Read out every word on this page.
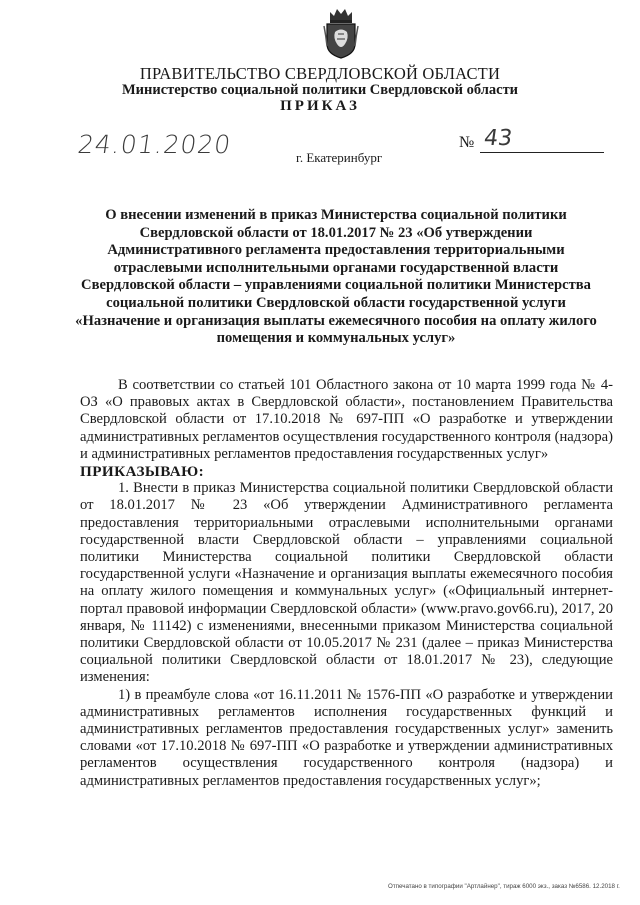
ПРАВИТЕЛЬСТВО СВЕРДЛОВСКОЙ ОБЛАСТИ
Министерство социальной политики Свердловской области
ПРИКАЗ
24.01.2020	№ 43
г. Екатеринбург
О внесении изменений в приказ Министерства социальной политики Свердловской области от 18.01.2017 № 23 «Об утверждении Административного регламента предоставления территориальными отраслевыми исполнительными органами государственной власти Свердловской области – управлениями социальной политики Министерства социальной политики Свердловской области государственной услуги «Назначение и организация выплаты ежемесячного пособия на оплату жилого помещения и коммунальных услуг»

В соответствии со статьей 101 Областного закона от 10 марта 1999 года № 4-ОЗ «О правовых актах в Свердловской области», постановлением Правительства Свердловской области от 17.10.2018 № 697-ПП «О разработке и утверждении административных регламентов осуществления государственного контроля (надзора) и административных регламентов предоставления государственных услуг»

ПРИКАЗЫВАЮ:

1. Внести в приказ Министерства социальной политики Свердловской области от 18.01.2017 № 23 «Об утверждении Административного регламента предоставления территориальными отраслевыми исполнительными органами государственной власти Свердловской области – управлениями социальной политики Министерства социальной политики Свердловской области государственной услуги «Назначение и организация выплаты ежемесячного пособия на оплату жилого помещения и коммунальных услуг» («Официальный интернет-портал правовой информации Свердловской области» (www.pravo.gov66.ru), 2017, 20 января, № 11142) с изменениями, внесенными приказом Министерства социальной политики Свердловской области от 10.05.2017 № 231 (далее – приказ Министерства социальной политики Свердловской области от 18.01.2017 № 23), следующие изменения:

1) в преамбуле слова «от 16.11.2011 № 1576-ПП «О разработке и утверждении административных регламентов исполнения государственных функций и административных регламентов предоставления государственных услуг» заменить словами «от 17.10.2018 № 697-ПП «О разработке и утверждении административных регламентов осуществления государственного контроля (надзора) и административных регламентов предоставления государственных услуг»;

Отпечатано в типографии "Артлайнер", тираж 6000 экз., заказ №6586. 12.2018 г.
